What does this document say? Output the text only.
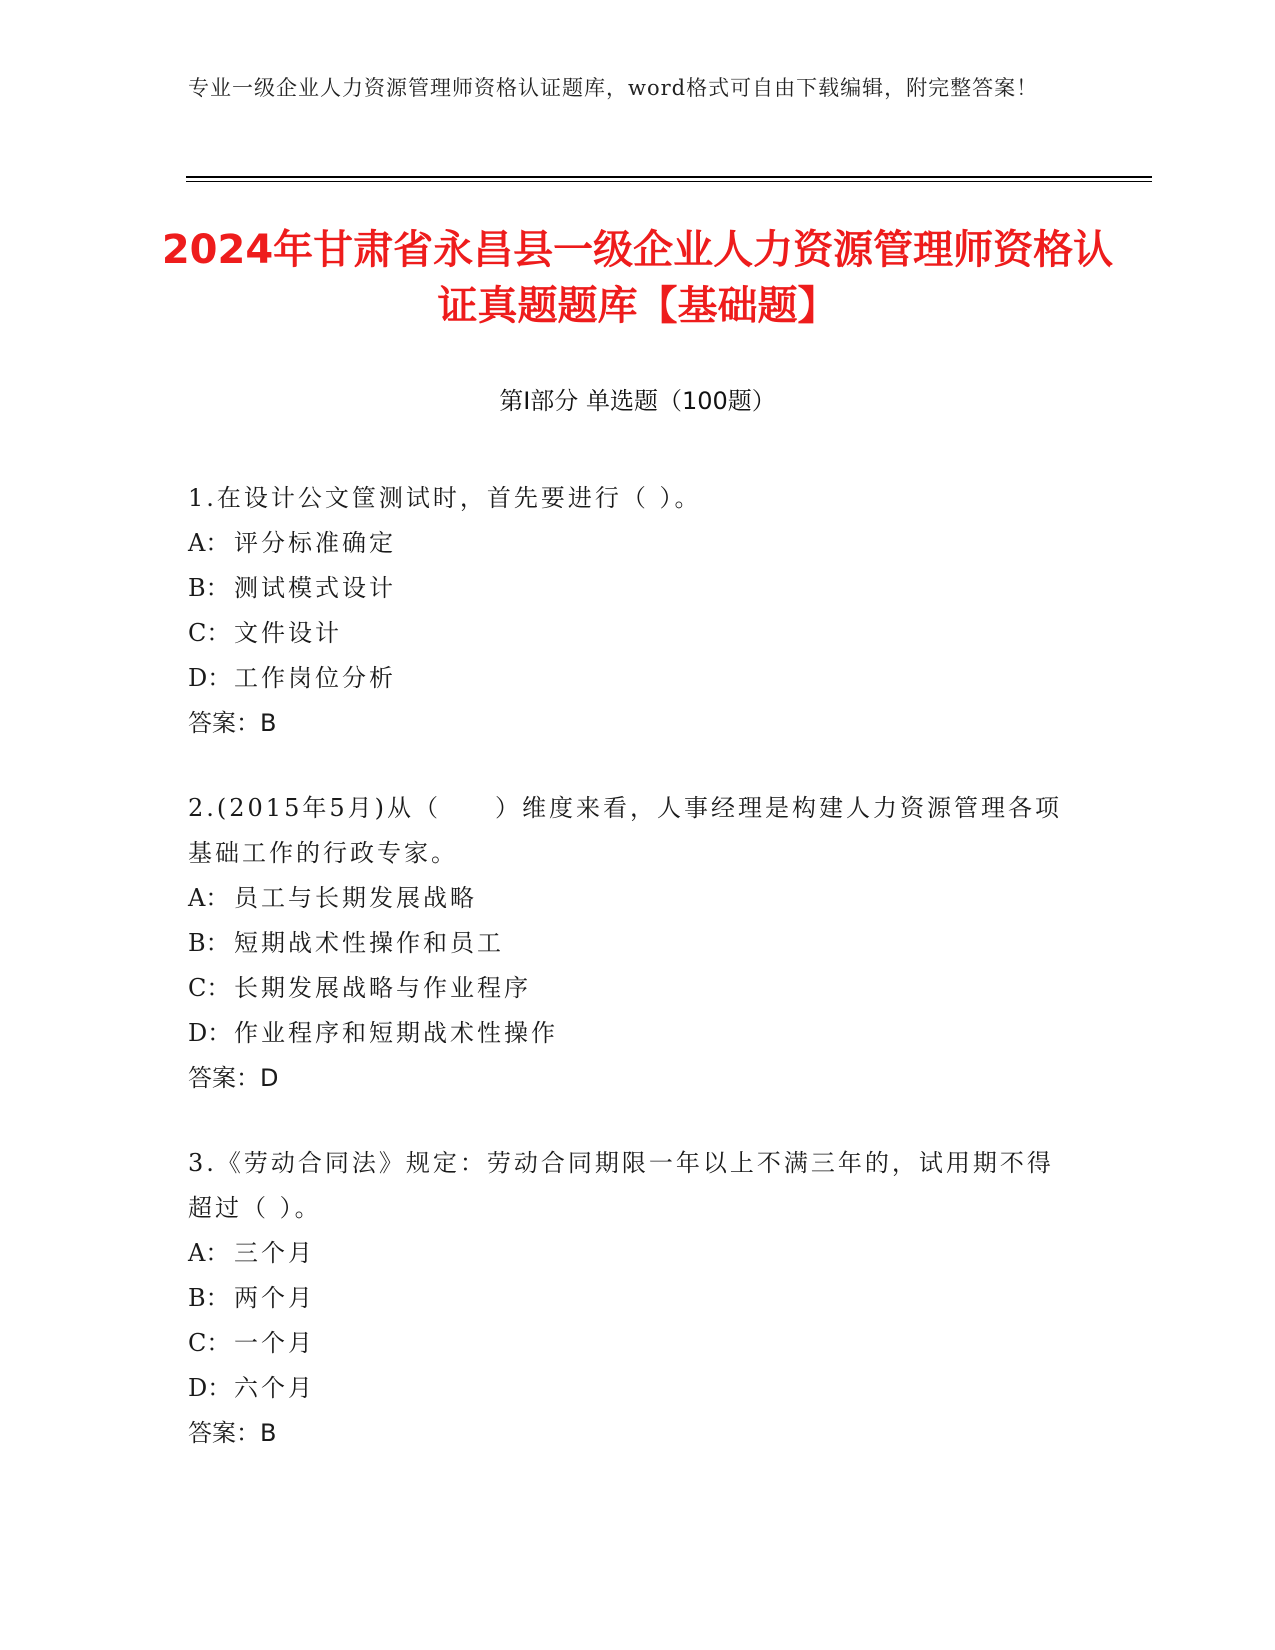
专业一级企业人力资源管理师资格认证题库，word格式可自由下载编辑，附完整答案！
2024年甘肃省永昌县一级企业人力资源管理师资格认证真题题库【基础题】
第I部分 单选题（100题）

1.在设计公文筐测试时，首先要进行（ ）。

A： 评分标准确定

B： 测试模式设计

C： 文件设计

D： 工作岗位分析

答案：B

2.(2015年5月)从（　　）维度来看，人事经理是构建人力资源管理各项基础工作的行政专家。

A： 员工与长期发展战略

B： 短期战术性操作和员工

C： 长期发展战略与作业程序

D： 作业程序和短期战术性操作

答案：D

3.《劳动合同法》规定：劳动合同期限一年以上不满三年的，试用期不得超过（ ）。

A： 三个月

B： 两个月

C： 一个月

D： 六个月

答案：B
